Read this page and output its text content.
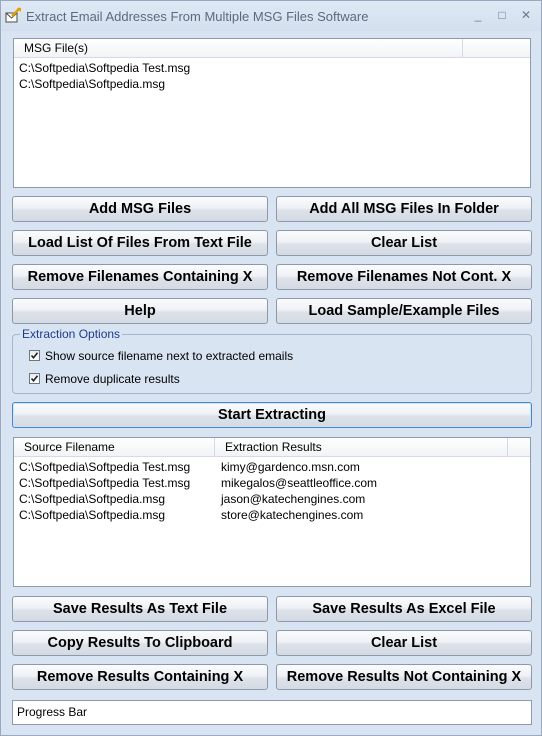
Extract Email Addresses From Multiple MSG Files Software	_	□	✕
MSG File(s)
C:\Softpedia\Softpedia Test.msg
C:\Softpedia\Softpedia.msg
Add MSG Files	Add All MSG Files In Folder
Load List Of Files From Text File	Clear List
Remove Filenames Containing X	Remove Filenames Not Cont. X
Help	Load Sample/Example Files
Extraction Options
Show source filename next to extracted emails
Remove duplicate results
Start Extracting
Source Filename	Extraction Results
C:\Softpedia\Softpedia Test.msg	kimy@gardenco.msn.com
C:\Softpedia\Softpedia Test.msg	mikegalos@seattleoffice.com
C:\Softpedia\Softpedia.msg	jason@katechengines.com
C:\Softpedia\Softpedia.msg	store@katechengines.com
Save Results As Text File	Save Results As Excel File
Copy Results To Clipboard	Clear List
Remove Results Containing X	Remove Results Not Containing X
Progress Bar
